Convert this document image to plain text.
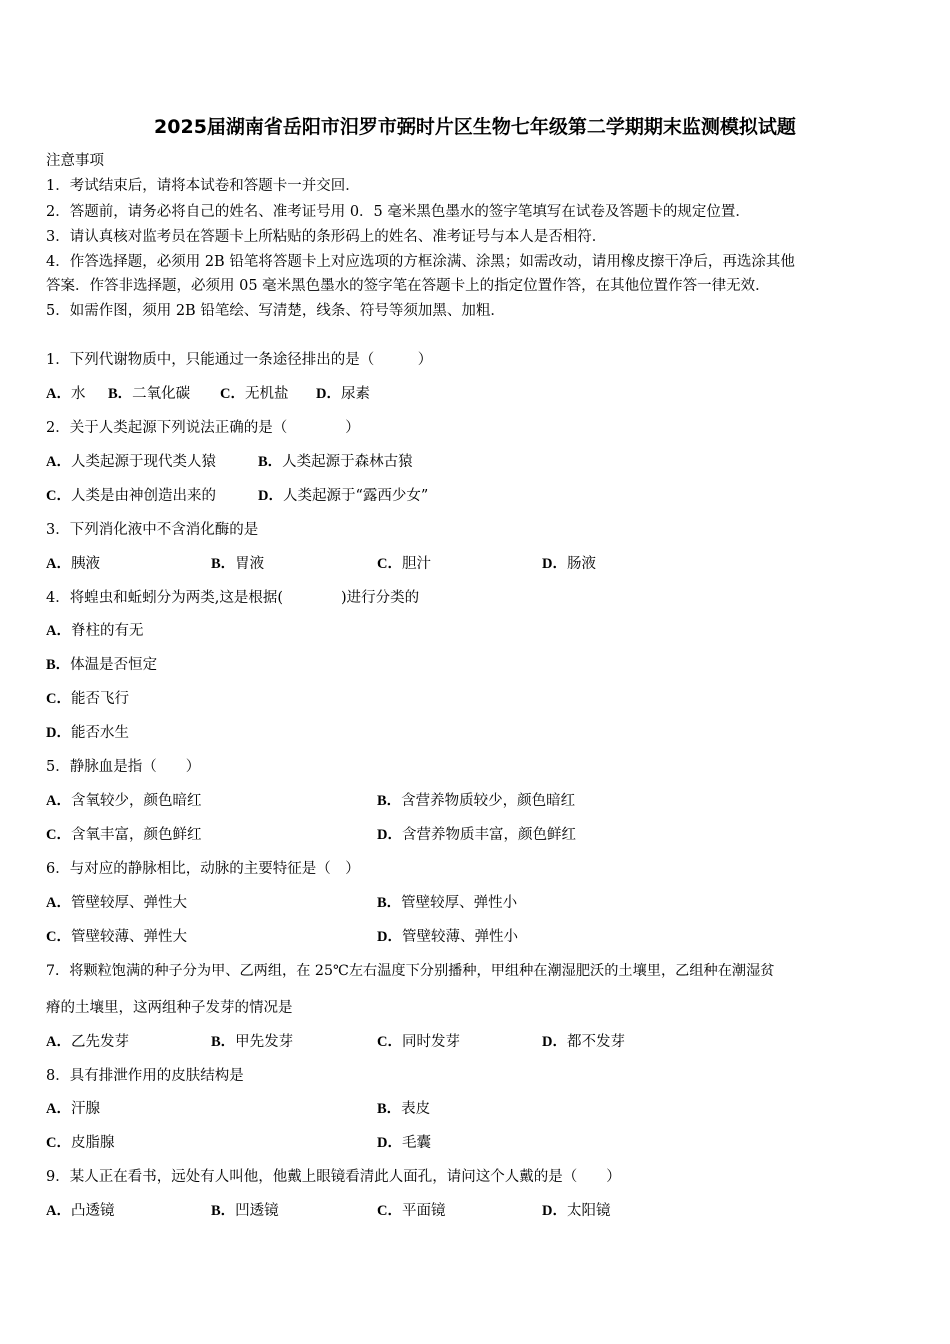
2025届湖南省岳阳市汨罗市弼时片区生物七年级第二学期期末监测模拟试题
注意事项
1．考试结束后，请将本试卷和答题卡一并交回．
2．答题前，请务必将自己的姓名、准考证号用 0．5 毫米黑色墨水的签字笔填写在试卷及答题卡的规定位置．
3．请认真核对监考员在答题卡上所粘贴的条形码上的姓名、准考证号与本人是否相符．
4．作答选择题，必须用 2B 铅笔将答题卡上对应选项的方框涂满、涂黑；如需改动，请用橡皮擦干净后，再选涂其他
答案．作答非选择题，必须用 05 毫米黑色墨水的签字笔在答题卡上的指定位置作答，在其他位置作答一律无效．
5．如需作图，须用 2B 铅笔绘、写清楚，线条、符号等须加黑、加粗．
1．下列代谢物质中，只能通过一条途径排出的是（　　　）
A．水 B．二氧化碳 C．无机盐 D．尿素
2．关于人类起源下列说法正确的是（　　　　）
A．人类起源于现代类人猿	B．人类起源于森林古猿
C．人类是由神创造出来的	D．人类起源于“露西少女”
3．下列消化液中不含消化酶的是
A．胰液	B．胃液	C．胆汁	D．肠液
4．将蝗虫和蚯蚓分为两类,这是根据(　　　　)进行分类的
A．脊柱的有无
B．体温是否恒定
C．能否飞行
D．能否水生
5．静脉血是指（　　）
A．含氧较少，颜色暗红	B．含营养物质较少，颜色暗红
C．含氧丰富，颜色鲜红	D．含营养物质丰富，颜色鲜红
6．与对应的静脉相比，动脉的主要特征是（　）
A．管壁较厚、弹性大	B．管壁较厚、弹性小
C．管壁较薄、弹性大	D．管壁较薄、弹性小
7．将颗粒饱满的种子分为甲、乙两组，在 25℃左右温度下分别播种，甲组种在潮湿肥沃的土壤里，乙组种在潮湿贫
瘠的土壤里，这两组种子发芽的情况是
A．乙先发芽	B．甲先发芽	C．同时发芽	D．都不发芽
8．具有排泄作用的皮肤结构是
A．汗腺	B．表皮
C．皮脂腺	D．毛囊
9．某人正在看书，远处有人叫他，他戴上眼镜看清此人面孔，请问这个人戴的是（　　）
A．凸透镜	B．凹透镜	C．平面镜	D．太阳镜
